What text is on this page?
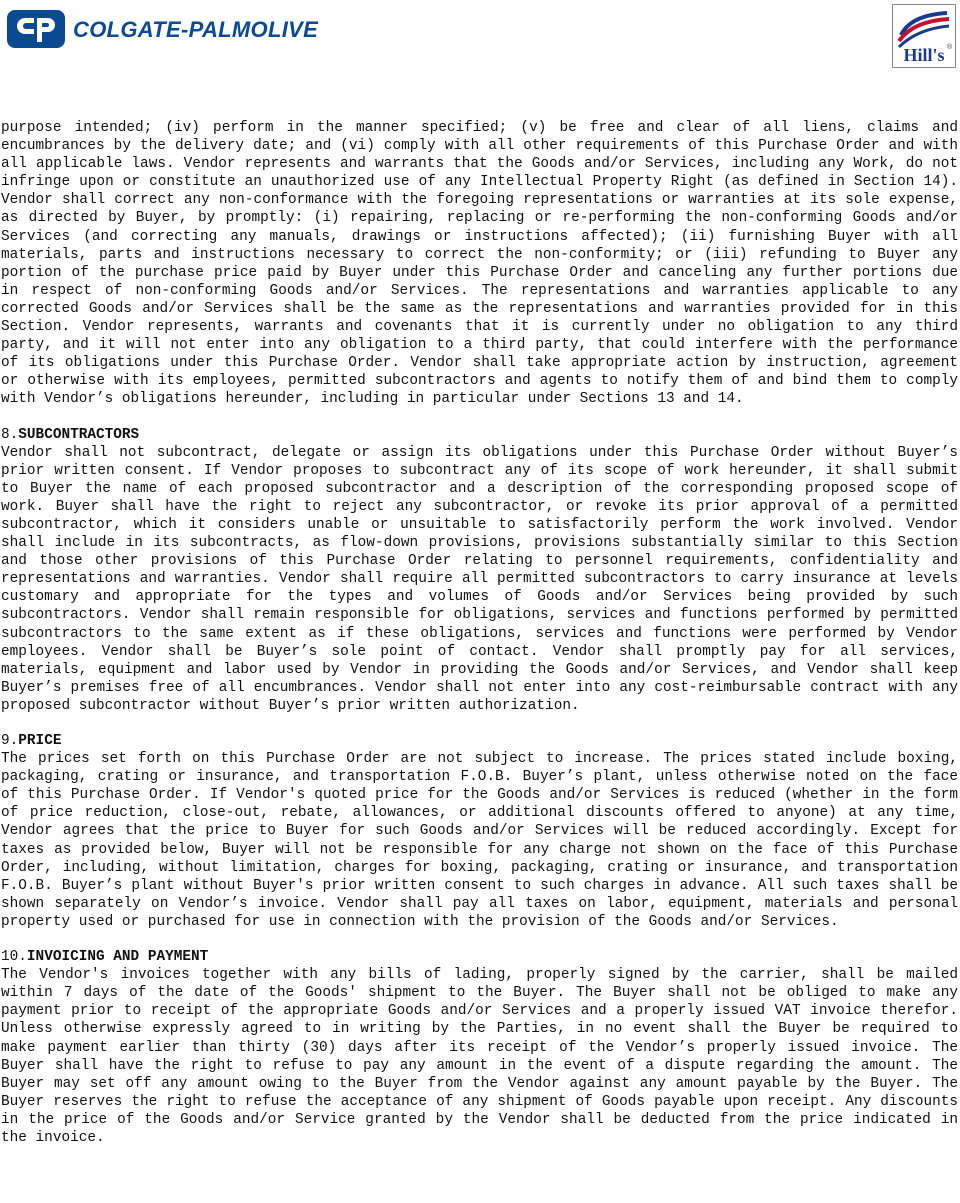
COLGATE-PALMOLIVE
Hill's ®

purpose intended; (iv) perform in the manner specified; (v) be free and clear of all liens, claims and encumbrances by the delivery date; and (vi) comply with all other requirements of this Purchase Order and with all applicable laws. Vendor represents and warrants that the Goods and/or Services, including any Work, do not infringe upon or constitute an unauthorized use of any Intellectual Property Right (as defined in Section 14). Vendor shall correct any non-conformance with the foregoing representations or warranties at its sole expense, as directed by Buyer, by promptly: (i) repairing, replacing or re-performing the non-conforming Goods and/or Services (and correcting any manuals, drawings or instructions affected); (ii) furnishing Buyer with all materials, parts and instructions necessary to correct the non-conformity; or (iii) refunding to Buyer any portion of the purchase price paid by Buyer under this Purchase Order and canceling any further portions due in respect of non-conforming Goods and/or Services. The representations and warranties applicable to any corrected Goods and/or Services shall be the same as the representations and warranties provided for in this Section. Vendor represents, warrants and covenants that it is currently under no obligation to any third party, and it will not enter into any obligation to a third party, that could interfere with the performance of its obligations under this Purchase Order. Vendor shall take appropriate action by instruction, agreement or otherwise with its employees, permitted subcontractors and agents to notify them of and bind them to comply with Vendor’s obligations hereunder, including in particular under Sections 13 and 14.

8.SUBCONTRACTORS

Vendor shall not subcontract, delegate or assign its obligations under this Purchase Order without Buyer’s prior written consent. If Vendor proposes to subcontract any of its scope of work hereunder, it shall submit to Buyer the name of each proposed subcontractor and a description of the corresponding proposed scope of work. Buyer shall have the right to reject any subcontractor, or revoke its prior approval of a permitted subcontractor, which it considers unable or unsuitable to satisfactorily perform the work involved. Vendor shall include in its subcontracts, as flow-down provisions, provisions substantially similar to this Section and those other provisions of this Purchase Order relating to personnel requirements, confidentiality and representations and warranties. Vendor shall require all permitted subcontractors to carry insurance at levels customary and appropriate for the types and volumes of Goods and/or Services being provided by such subcontractors. Vendor shall remain responsible for obligations, services and functions performed by permitted subcontractors to the same extent as if these obligations, services and functions were performed by Vendor employees. Vendor shall be Buyer’s sole point of contact. Vendor shall promptly pay for all services, materials, equipment and labor used by Vendor in providing the Goods and/or Services, and Vendor shall keep Buyer’s premises free of all encumbrances. Vendor shall not enter into any cost-reimbursable contract with any proposed subcontractor without Buyer’s prior written authorization.

9.PRICE

The prices set forth on this Purchase Order are not subject to increase. The prices stated include boxing, packaging, crating or insurance, and transportation F.O.B. Buyer’s plant, unless otherwise noted on the face of this Purchase Order. If Vendor's quoted price for the Goods and/or Services is reduced (whether in the form of price reduction, close-out, rebate, allowances, or additional discounts offered to anyone) at any time, Vendor agrees that the price to Buyer for such Goods and/or Services will be reduced accordingly. Except for taxes as provided below, Buyer will not be responsible for any charge not shown on the face of this Purchase Order, including, without limitation, charges for boxing, packaging, crating or insurance, and transportation F.O.B. Buyer’s plant without Buyer's prior written consent to such charges in advance. All such taxes shall be shown separately on Vendor’s invoice. Vendor shall pay all taxes on labor, equipment, materials and personal property used or purchased for use in connection with the provision of the Goods and/or Services.

10.INVOICING AND PAYMENT

The Vendor's invoices together with any bills of lading, properly signed by the carrier, shall be mailed within 7 days of the date of the Goods' shipment to the Buyer. The Buyer shall not be obliged to make any payment prior to receipt of the appropriate Goods and/or Services and a properly issued VAT invoice therefor. Unless otherwise expressly agreed to in writing by the Parties, in no event shall the Buyer be required to make payment earlier than thirty (30) days after its receipt of the Vendor’s properly issued invoice. The Buyer shall have the right to refuse to pay any amount in the event of a dispute regarding the amount. The Buyer may set off any amount owing to the Buyer from the Vendor against any amount payable by the Buyer. The Buyer reserves the right to refuse the acceptance of any shipment of Goods payable upon receipt. Any discounts in the price of the Goods and/or Service granted by the Vendor shall be deducted from the price indicated in the invoice.
